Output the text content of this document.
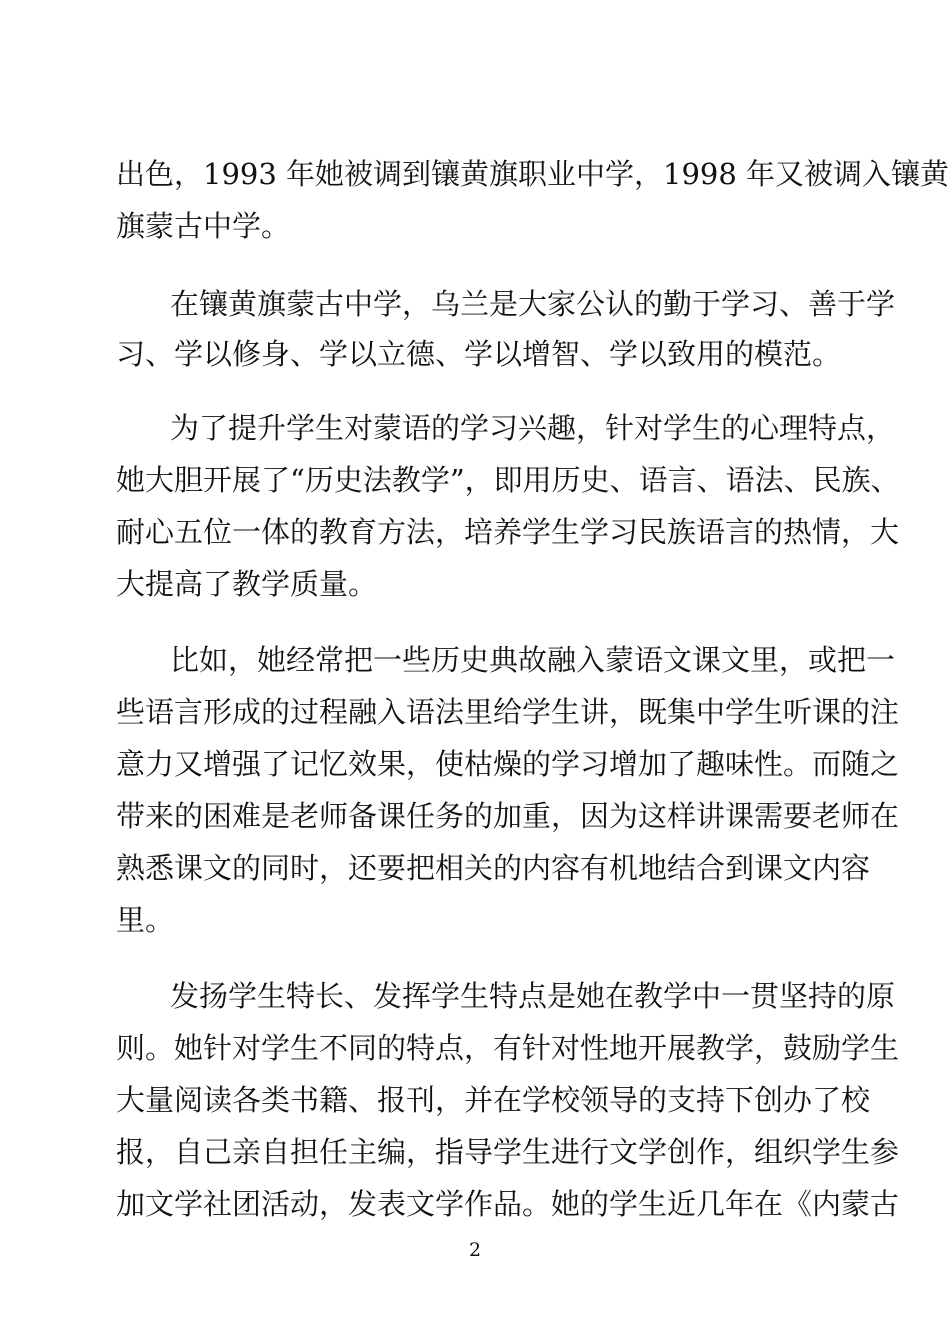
出色，1993 年她被调到镶黄旗职业中学，1998 年又被调入镶黄
旗蒙古中学。
在镶黄旗蒙古中学，乌兰是大家公认的勤于学习、善于学
习、学以修身、学以立德、学以增智、学以致用的模范。
为了提升学生对蒙语的学习兴趣，针对学生的心理特点，
她大胆开展了“历史法教学”，即用历史、语言、语法、民族、
耐心五位一体的教育方法，培养学生学习民族语言的热情，大
大提高了教学质量。
比如，她经常把一些历史典故融入蒙语文课文里，或把一
些语言形成的过程融入语法里给学生讲，既集中学生听课的注
意力又增强了记忆效果，使枯燥的学习增加了趣味性。而随之
带来的困难是老师备课任务的加重，因为这样讲课需要老师在
熟悉课文的同时，还要把相关的内容有机地结合到课文内容
里。
发扬学生特长、发挥学生特点是她在教学中一贯坚持的原
则。她针对学生不同的特点，有针对性地开展教学，鼓励学生
大量阅读各类书籍、报刊，并在学校领导的支持下创办了校
报，自己亲自担任主编，指导学生进行文学创作，组织学生参
加文学社团活动，发表文学作品。她的学生近几年在《内蒙古
2
